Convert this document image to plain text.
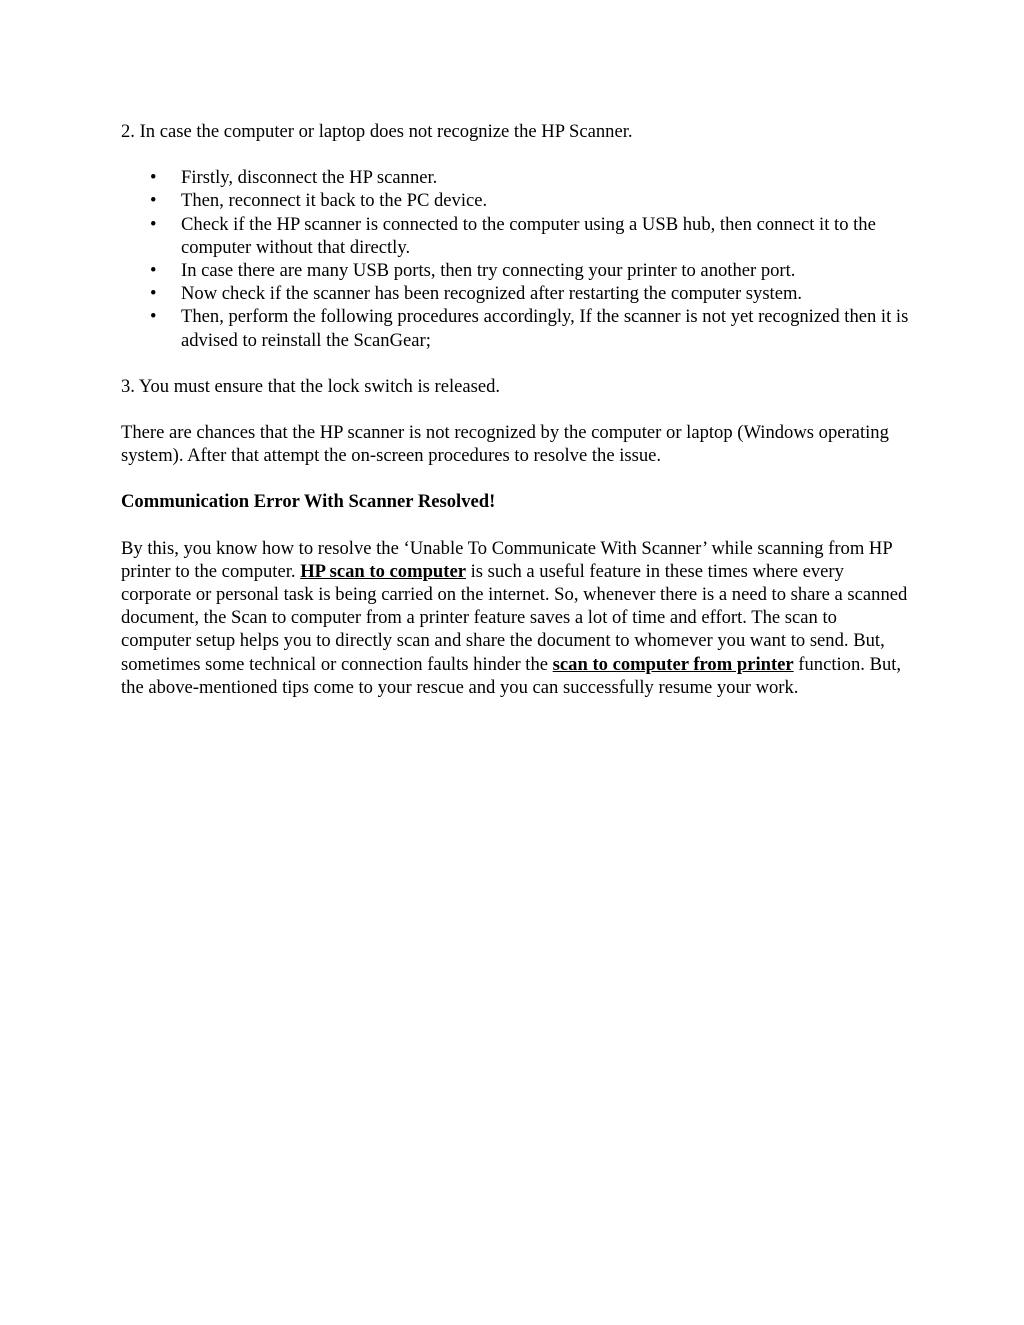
2. In case the computer or laptop does not recognize the HP Scanner.

• Firstly, disconnect the HP scanner.
• Then, reconnect it back to the PC device.
• Check if the HP scanner is connected to the computer using a USB hub, then connect it to the computer without that directly.
• In case there are many USB ports, then try connecting your printer to another port.
• Now check if the scanner has been recognized after restarting the computer system.
• Then, perform the following procedures accordingly, If the scanner is not yet recognized then it is advised to reinstall the ScanGear;

3. You must ensure that the lock switch is released.

There are chances that the HP scanner is not recognized by the computer or laptop (Windows operating system). After that attempt the on-screen procedures to resolve the issue.

Communication Error With Scanner Resolved!

By this, you know how to resolve the ‘Unable To Communicate With Scanner’ while scanning from HP printer to the computer. HP scan to computer is such a useful feature in these times where every corporate or personal task is being carried on the internet. So, whenever there is a need to share a scanned document, the Scan to computer from a printer feature saves a lot of time and effort. The scan to computer setup helps you to directly scan and share the document to whomever you want to send. But, sometimes some technical or connection faults hinder the scan to computer from printer function. But, the above-mentioned tips come to your rescue and you can successfully resume your work.
